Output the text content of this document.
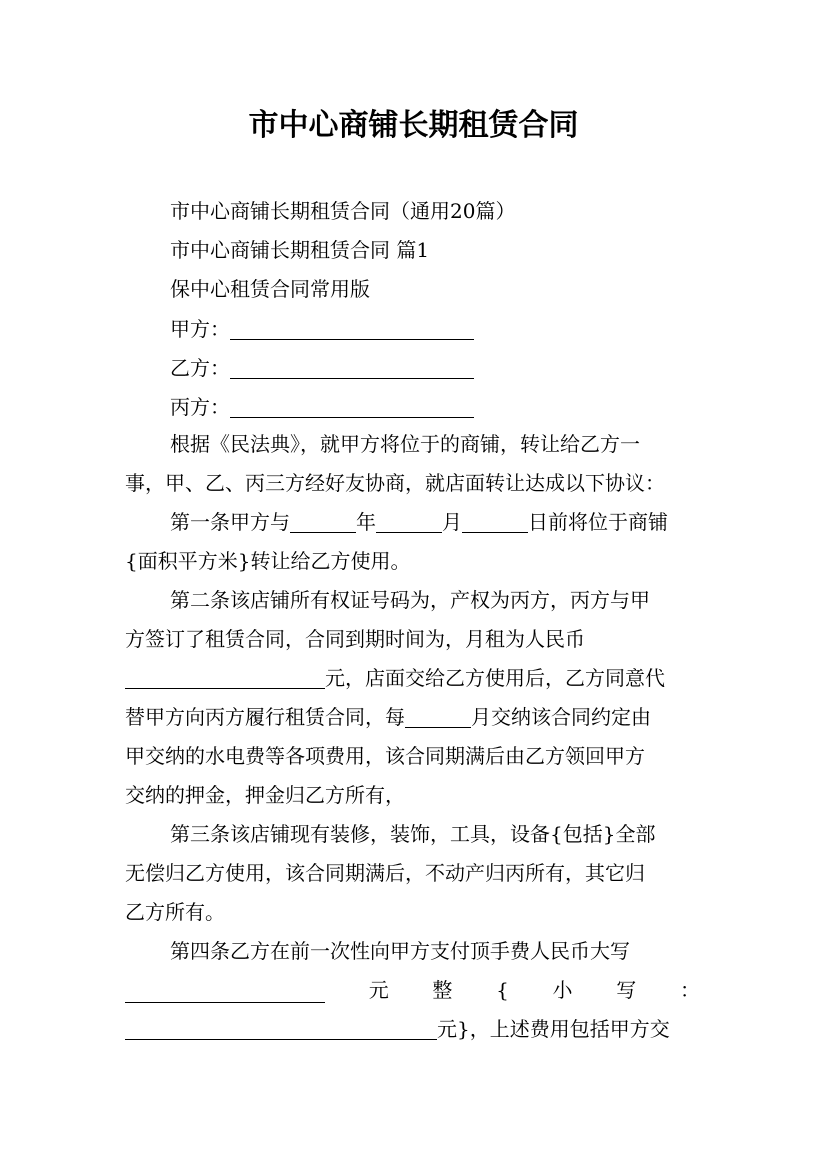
市中心商铺长期租赁合同
市中心商铺长期租赁合同（通用20篇）
市中心商铺长期租赁合同 篇1
保中心租赁合同常用版
甲方：
乙方：
丙方：
根据《民法典》，就甲方将位于的商铺，转让给乙方一
事，甲、乙、丙三方经好友协商，就店面转让达成以下协议：
第一条甲方与	年	月	日前将位于商铺
{面积平方米}转让给乙方使用。
第二条该店铺所有权证号码为，产权为丙方，丙方与甲
方签订了租赁合同，合同到期时间为，月租为人民币
元，店面交给乙方使用后，乙方同意代
替甲方向丙方履行租赁合同，每	月交纳该合同约定由
甲交纳的水电费等各项费用，该合同期满后由乙方领回甲方
交纳的押金，押金归乙方所有，
第三条该店铺现有装修，装饰，工具，设备{包括}全部
无偿归乙方使用，该合同期满后，不动产归丙所有，其它归
乙方所有。
第四条乙方在前一次性向甲方支付顶手费人民币大写
元 整 { 小 写 ：
元}，上述费用包括甲方交
